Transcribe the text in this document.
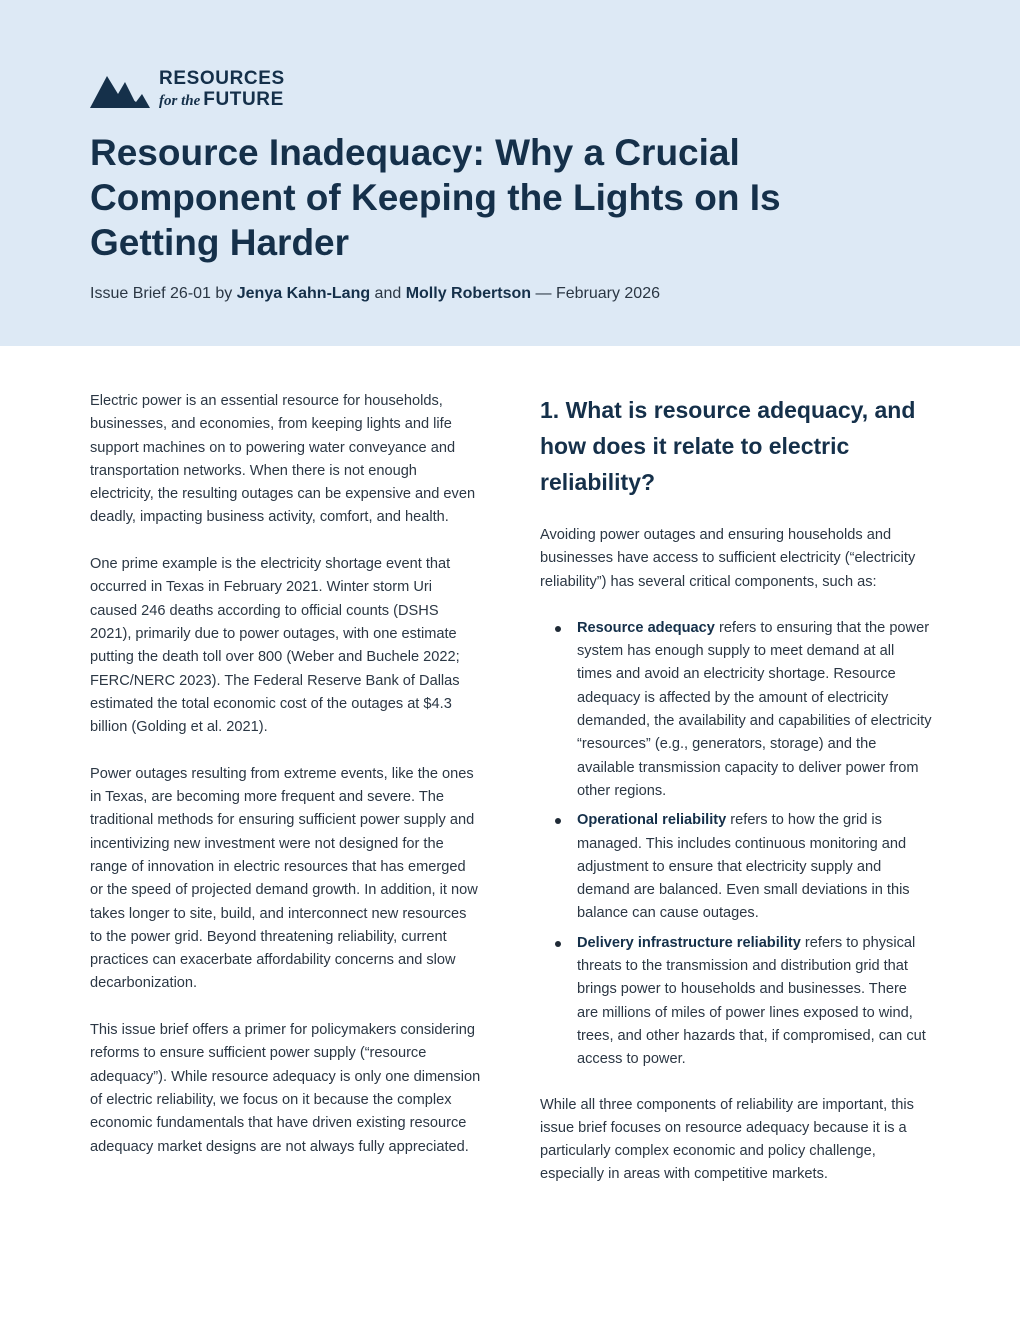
RESOURCES
for the FUTURE
Resource Inadequacy: Why a Crucial Component of Keeping the Lights on Is Getting Harder
Issue Brief 26-01 by Jenya Kahn-Lang and Molly Robertson — February 2026

Electric power is an essential resource for households, businesses, and economies, from keeping lights and life support machines on to powering water conveyance and transportation networks. When there is not enough electricity, the resulting outages can be expensive and even deadly, impacting business activity, comfort, and health.

One prime example is the electricity shortage event that occurred in Texas in February 2021. Winter storm Uri caused 246 deaths according to official counts (DSHS 2021), primarily due to power outages, with one estimate putting the death toll over 800 (Weber and Buchele 2022; FERC/NERC 2023). The Federal Reserve Bank of Dallas estimated the total economic cost of the outages at $4.3 billion (Golding et al. 2021).

Power outages resulting from extreme events, like the ones in Texas, are becoming more frequent and severe. The traditional methods for ensuring sufficient power supply and incentivizing new investment were not designed for the range of innovation in electric resources that has emerged or the speed of projected demand growth. In addition, it now takes longer to site, build, and interconnect new resources to the power grid. Beyond threatening reliability, current practices can exacerbate affordability concerns and slow decarbonization.

This issue brief offers a primer for policymakers considering reforms to ensure sufficient power supply (“resource adequacy”). While resource adequacy is only one dimension of electric reliability, we focus on it because the complex economic fundamentals that have driven existing resource adequacy market designs are not always fully appreciated.

1. What is resource adequacy, and how does it relate to electric reliability?

Avoiding power outages and ensuring households and businesses have access to sufficient electricity (“electricity reliability”) has several critical components, such as:

Resource adequacy refers to ensuring that the power system has enough supply to meet demand at all times and avoid an electricity shortage. Resource adequacy is affected by the amount of electricity demanded, the availability and capabilities of electricity “resources” (e.g., generators, storage) and the available transmission capacity to deliver power from other regions.
Operational reliability refers to how the grid is managed. This includes continuous monitoring and adjustment to ensure that electricity supply and demand are balanced. Even small deviations in this balance can cause outages.
Delivery infrastructure reliability refers to physical threats to the transmission and distribution grid that brings power to households and businesses. There are millions of miles of power lines exposed to wind, trees, and other hazards that, if compromised, can cut access to power.

While all three components of reliability are important, this issue brief focuses on resource adequacy because it is a particularly complex economic and policy challenge, especially in areas with competitive markets.
